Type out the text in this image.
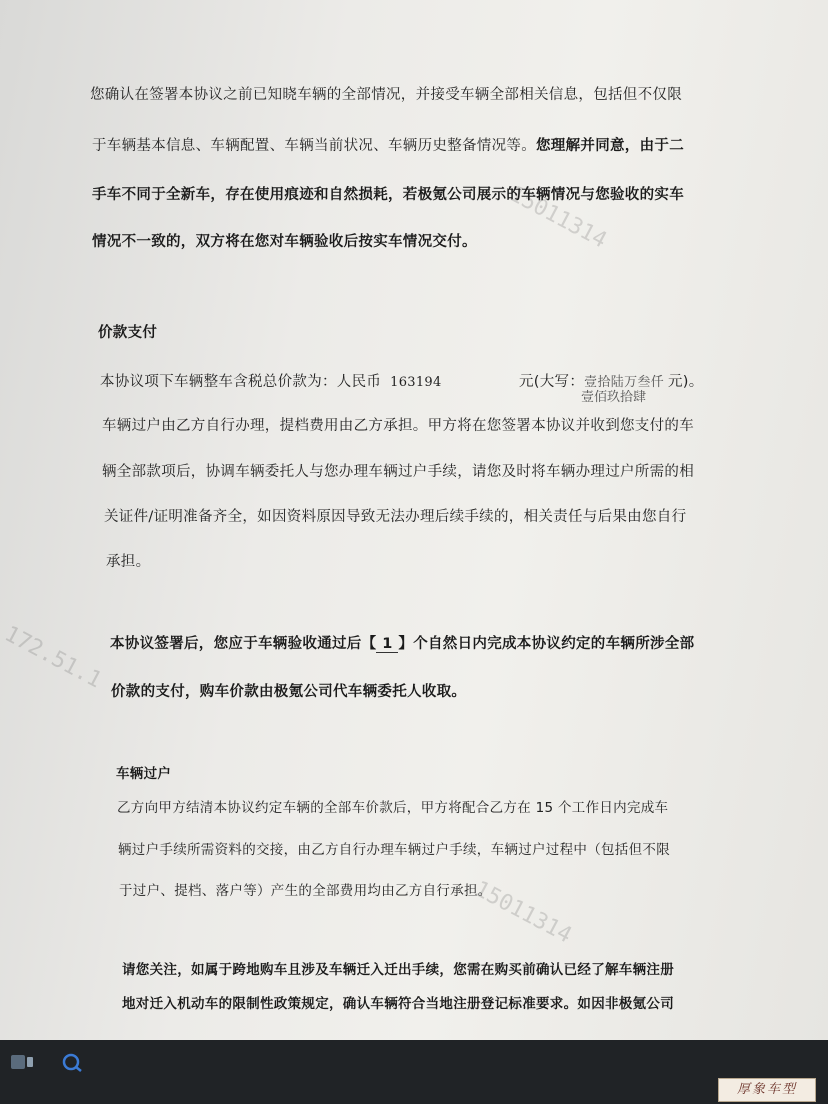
15011314
172.51.1
15011314
您确认在签署本协议之前已知晓车辆的全部情况，并接受车辆全部相关信息，包括但不仅限
于车辆基本信息、车辆配置、车辆当前状况、车辆历史整备情况等。您理解并同意，由于二
手车不同于全新车，存在使用痕迹和自然损耗，若极氪公司展示的车辆情况与您验收的实车
情况不一致的，双方将在您对车辆验收后按实车情况交付。
价款支付
本协议项下车辆整车含税总价款为：人民币 163194	元(大写：壹拾陆万叁仟 元)。
壹佰玖拾肆
车辆过户由乙方自行办理，提档费用由乙方承担。甲方将在您签署本协议并收到您支付的车
辆全部款项后，协调车辆委托人与您办理车辆过户手续，请您及时将车辆办理过户所需的相
关证件/证明准备齐全，如因资料原因导致无法办理后续手续的，相关责任与后果由您自行
承担。
本协议签署后，您应于车辆验收通过后【 1 】个自然日内完成本协议约定的车辆所涉全部
价款的支付，购车价款由极氪公司代车辆委托人收取。
车辆过户
乙方向甲方结清本协议约定车辆的全部车价款后，甲方将配合乙方在 15 个工作日内完成车
辆过户手续所需资料的交接，由乙方自行办理车辆过户手续，车辆过户过程中（包括但不限
于过户、提档、落户等）产生的全部费用均由乙方自行承担。
请您关注，如属于跨地购车且涉及车辆迁入迁出手续，您需在购买前确认已经了解车辆注册
地对迁入机动车的限制性政策规定，确认车辆符合当地注册登记标准要求。如因非极氪公司
厚象车型
